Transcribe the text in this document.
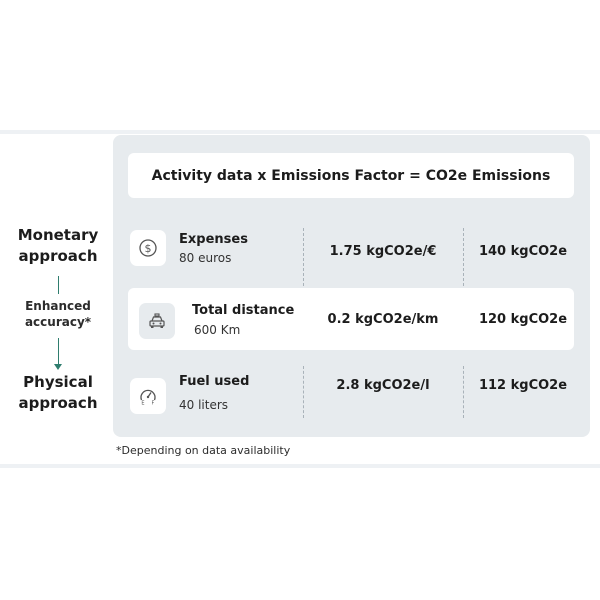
Monetary
approach
Enhanced
accuracy*
Physical
approach
Activity data x Emissions Factor = CO2e Emissions
$
Expenses
80 euros	1.75 kgCO2e/€	140 kgCO2e
Total distance
600 Km
0.2 kgCO2e/km	120 kgCO2e
E F
Fuel used
40 liters
2.8 kgCO2e/l	112 kgCO2e
*Depending on data availability
